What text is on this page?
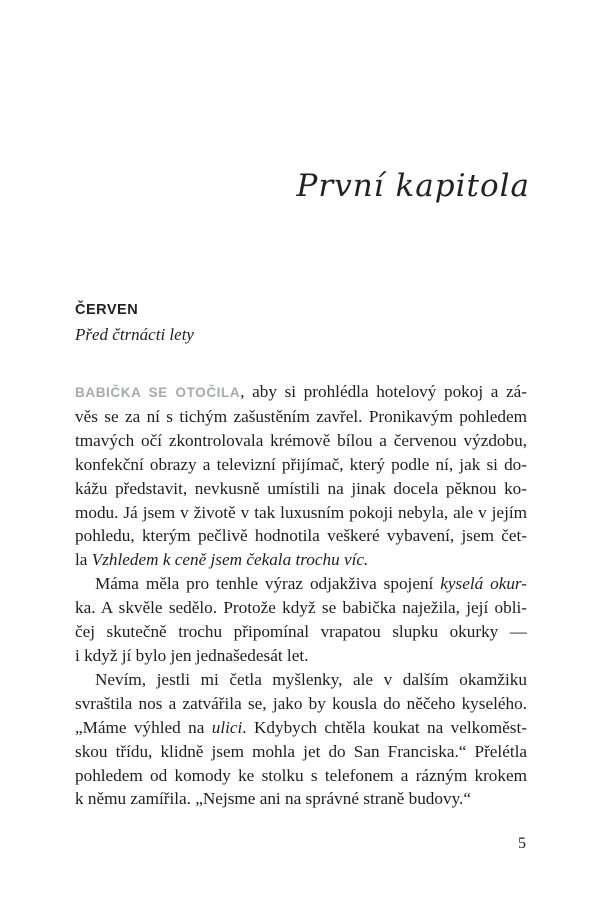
První kapitola
ČERVEN
Před čtrnácti lety
BABIČKA SE OTOČILA, aby si prohlédla hotelový pokoj a zá-
věs se za ní s tichým zašustěním zavřel. Pronikavým pohledem
tmavých očí zkontrolovala krémově bílou a červenou výzdobu,
konfekční obrazy a televizní přijímač, který podle ní, jak si do-
kážu představit, nevkusně umístili na jinak docela pěknou ko-
modu. Já jsem v životě v tak luxusním pokoji nebyla, ale v jejím
pohledu, kterým pečlivě hodnotila veškeré vybavení, jsem čet-
la Vzhledem k ceně jsem čekala trochu víc.
Máma měla pro tenhle výraz odjakživa spojení kyselá okur-
ka. A skvěle sedělo. Protože když se babička naježila, její obli-
čej skutečně trochu připomínal vrapatou slupku okurky —
i když jí bylo jen jednašedesát let.
Nevím, jestli mi četla myšlenky, ale v dalším okamžiku
svraštila nos a zatvářila se, jako by kousla do něčeho kyselého.
„Máme výhled na ulici. Kdybych chtěla koukat na velkoměst-
skou třídu, klidně jsem mohla jet do San Franciska.“ Přelétla
pohledem od komody ke stolku s telefonem a rázným krokem
k němu zamířila. „Nejsme ani na správné straně budovy.“
5
